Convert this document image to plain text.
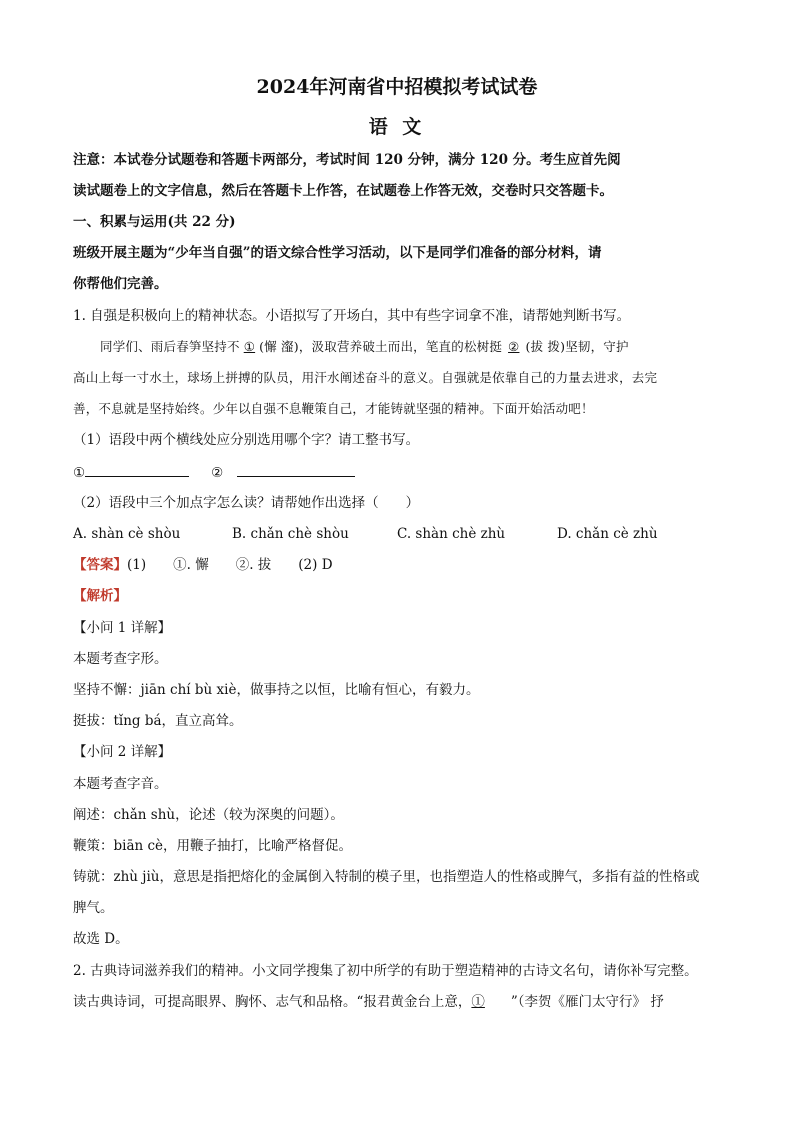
2024年河南省中招模拟考试试卷
语 文
注意：本试卷分试题卷和答题卡两部分，考试时间 120 分钟，满分 120 分。考生应首先阅
读试题卷上的文字信息，然后在答题卡上作答，在试题卷上作答无效，交卷时只交答题卡。
一、积累与运用(共 22 分)
班级开展主题为“少年当自强”的语文综合性学习活动，以下是同学们准备的部分材料，请
你帮他们完善。
1. 自强是积极向上的精神状态。小语拟写了开场白，其中有些字词拿不准，请帮她判断书写。
同学们、雨后春笋坚持不 ① (懈 瀣)，汲取营养破土而出，笔直的松树挺 ② (拔 拨)坚韧，守护
高山上每一寸水土，球场上拼搏的队员，用汗水阐述奋斗的意义。自强就是依靠自己的力量去进求，去完
善，不息就是坚持始终。少年以自强不息鞭策自己，才能铸就坚强的精神。下面开始活动吧！
（1）语段中两个横线处应分别选用哪个字？请工整书写。
①	②
（2）语段中三个加点字怎么读？请帮她作出选择（　　）
A. shàn cè shòu	B. chǎn chè shòu	C. shàn chè zhù	D. chǎn cè zhù
【答案】(1)　　①. 懈　　②. 拔　　(2) D
【解析】
【小问 1 详解】
本题考查字形。
坚持不懈：jiān chí bù xiè，做事持之以恒，比喻有恒心，有毅力。
挺拔：tǐng bá，直立高耸。
【小问 2 详解】
本题考查字音。
阐述：chǎn shù，论述（较为深奥的问题）。
鞭策：biān cè，用鞭子抽打，比喻严格督促。
铸就：zhù jiù，意思是指把熔化的金属倒入特制的模子里，也指塑造人的性格或脾气，多指有益的性格或
脾气。
故选 D。
2. 古典诗词滋养我们的精神。小文同学搜集了初中所学的有助于塑造精神的古诗文名句，请你补写完整。
读古典诗词，可提高眼界、胸怀、志气和品格。“报君黄金台上意，① ”（李贺《雁门太守行》 抒
